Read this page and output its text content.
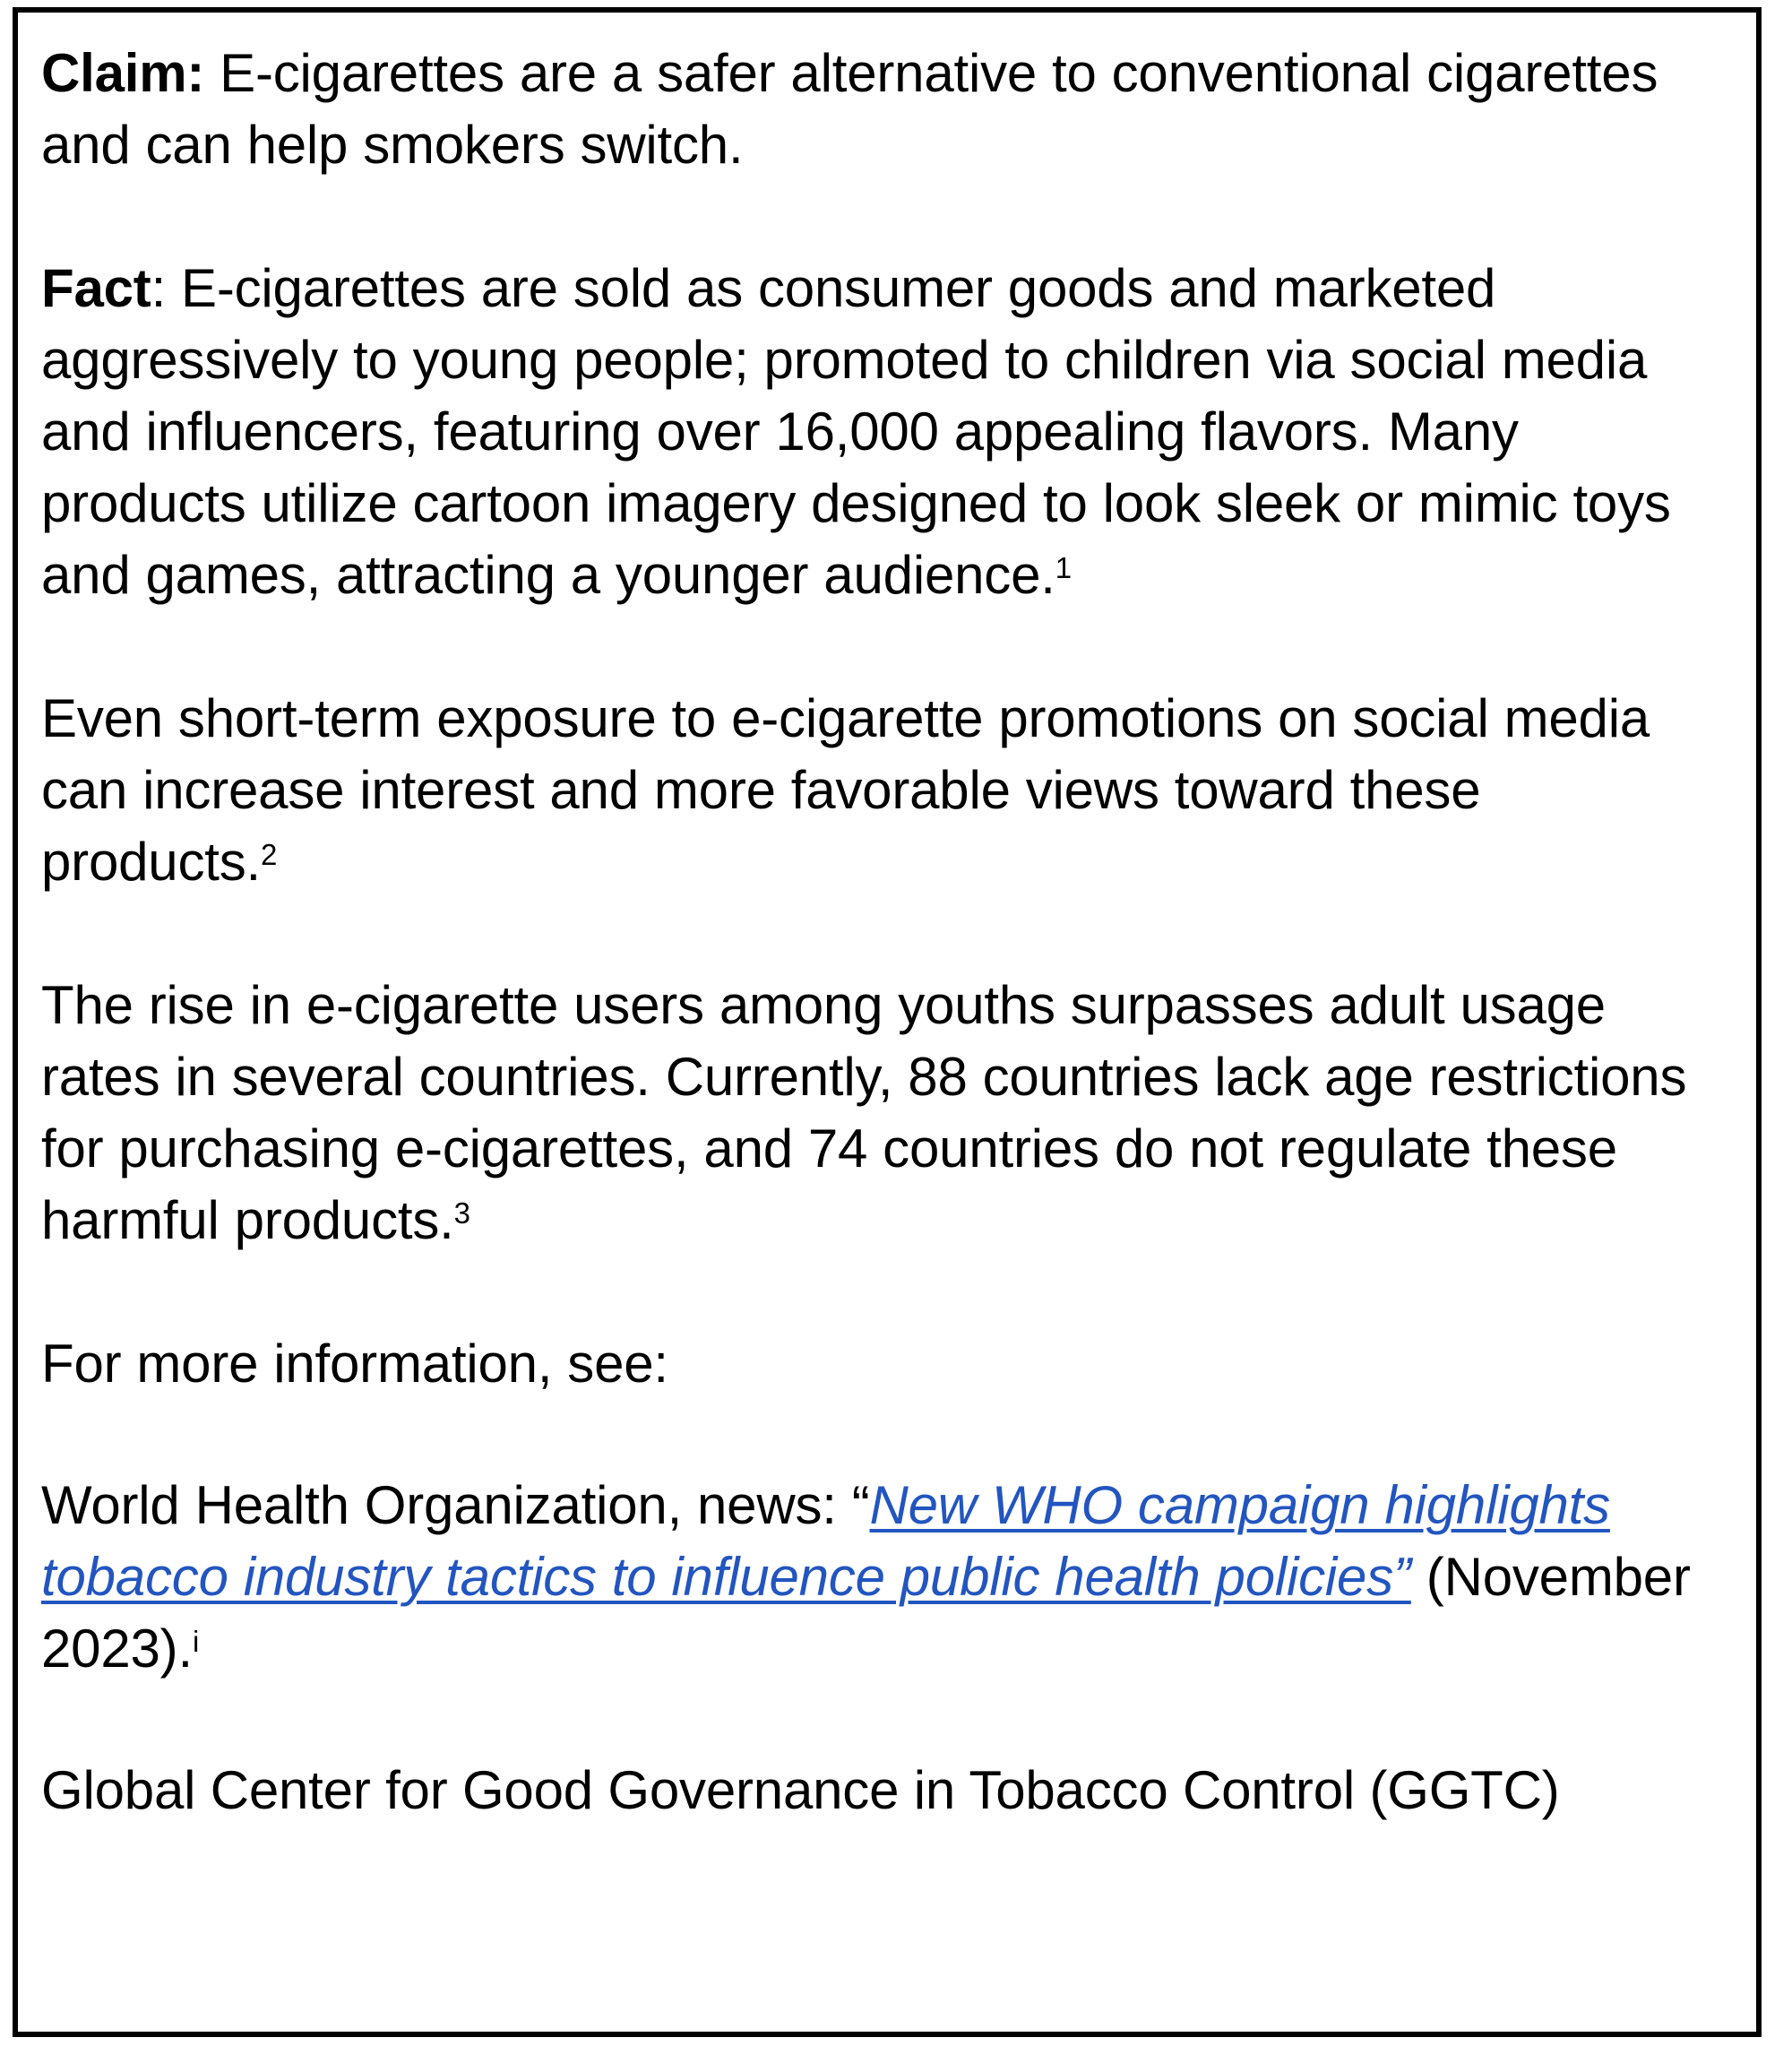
Claim: E-cigarettes are a safer alternative to conventional cigarettes and can help smokers switch.

Fact: E-cigarettes are sold as consumer goods and marketed aggressively to young people; promoted to children via social media and influencers, featuring over 16,000 appealing flavors. Many products utilize cartoon imagery designed to look sleek or mimic toys and games, attracting a younger audience.$^1$

Even short-term exposure to e-cigarette promotions on social media can increase interest and more favorable views toward these products.$^2$

The rise in e-cigarette users among youths surpasses adult usage rates in several countries. Currently, 88 countries lack age restrictions for purchasing e-cigarettes, and 74 countries do not regulate these harmful products.$^3$

For more information, see:

World Health Organization, news: “New WHO campaign highlights tobacco industry tactics to influence public health policies” (November 2023).$^i$

Global Center for Good Governance in Tobacco Control (GGTC)
